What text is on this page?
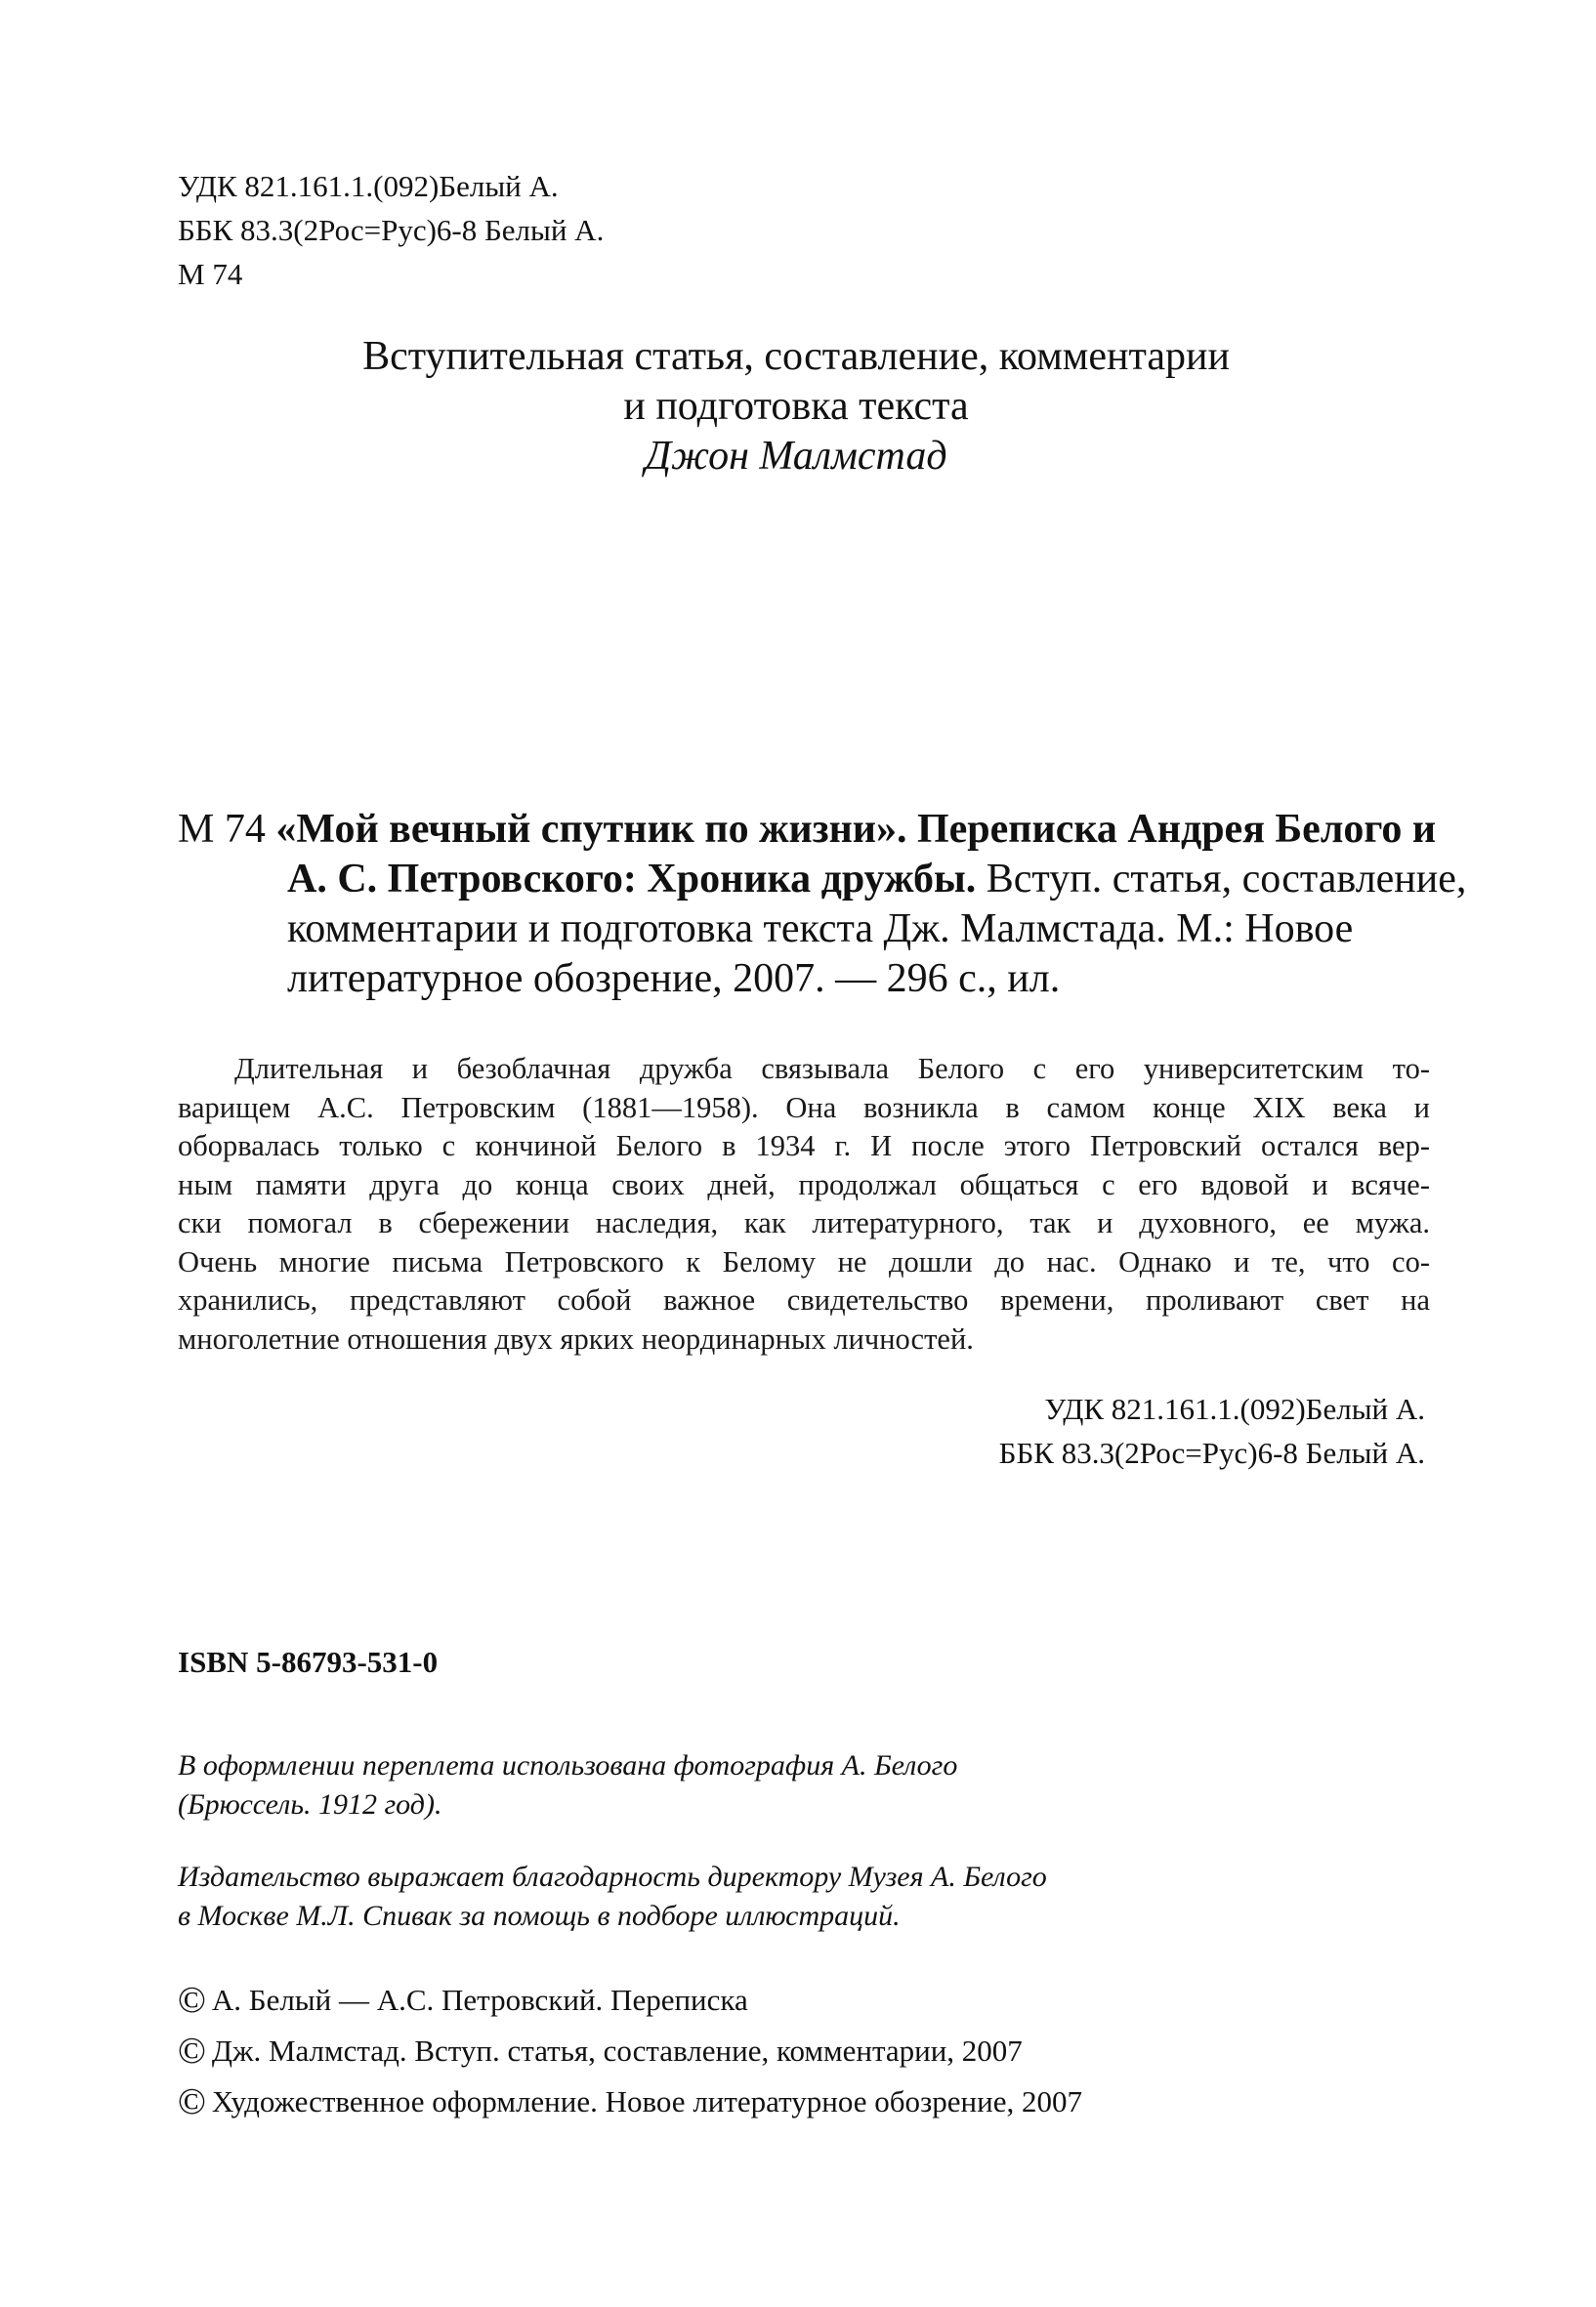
УДК 821.161.1.(092)Белый А.
ББК 83.3(2Рос=Рус)6-8 Белый А.
М 74
Вступительная статья, составление, комментарии
и подготовка текста
Джон Малмстад
М 74 «Мой вечный спутник по жизни». Переписка Андрея Белого и
А. С. Петровского: Хроника дружбы. Вступ. статья, составление,
комментарии и подготовка текста Дж. Малмстада. М.: Новое
литературное обозрение, 2007. — 296 с., ил.
Длительная и безоблачная дружба связывала Белого с его университетским то-
варищем А.С. Петровским (1881—1958). Она возникла в самом конце XIX века и
оборвалась только с кончиной Белого в 1934 г. И после этого Петровский остался вер-
ным памяти друга до конца своих дней, продолжал общаться с его вдовой и всяче-
ски помогал в сбережении наследия, как литературного, так и духовного, ее мужа.
Очень многие письма Петровского к Белому не дошли до нас. Однако и те, что со-
хранились, представляют собой важное свидетельство времени, проливают свет на
многолетние отношения двух ярких неординарных личностей.
УДК 821.161.1.(092)Белый А.
ББК 83.3(2Рос=Рус)6-8 Белый А.
ISBN 5-86793-531-0
В оформлении переплета использована фотография А. Белого
(Брюссель. 1912 год).
Издательство выражает благодарность директору Музея А. Белого
в Москве М.Л. Спивак за помощь в подборе иллюстраций.
© А. Белый — А.С. Петровский. Переписка
© Дж. Малмстад. Вступ. статья, составление, комментарии, 2007
© Художественное оформление. Новое литературное обозрение, 2007
